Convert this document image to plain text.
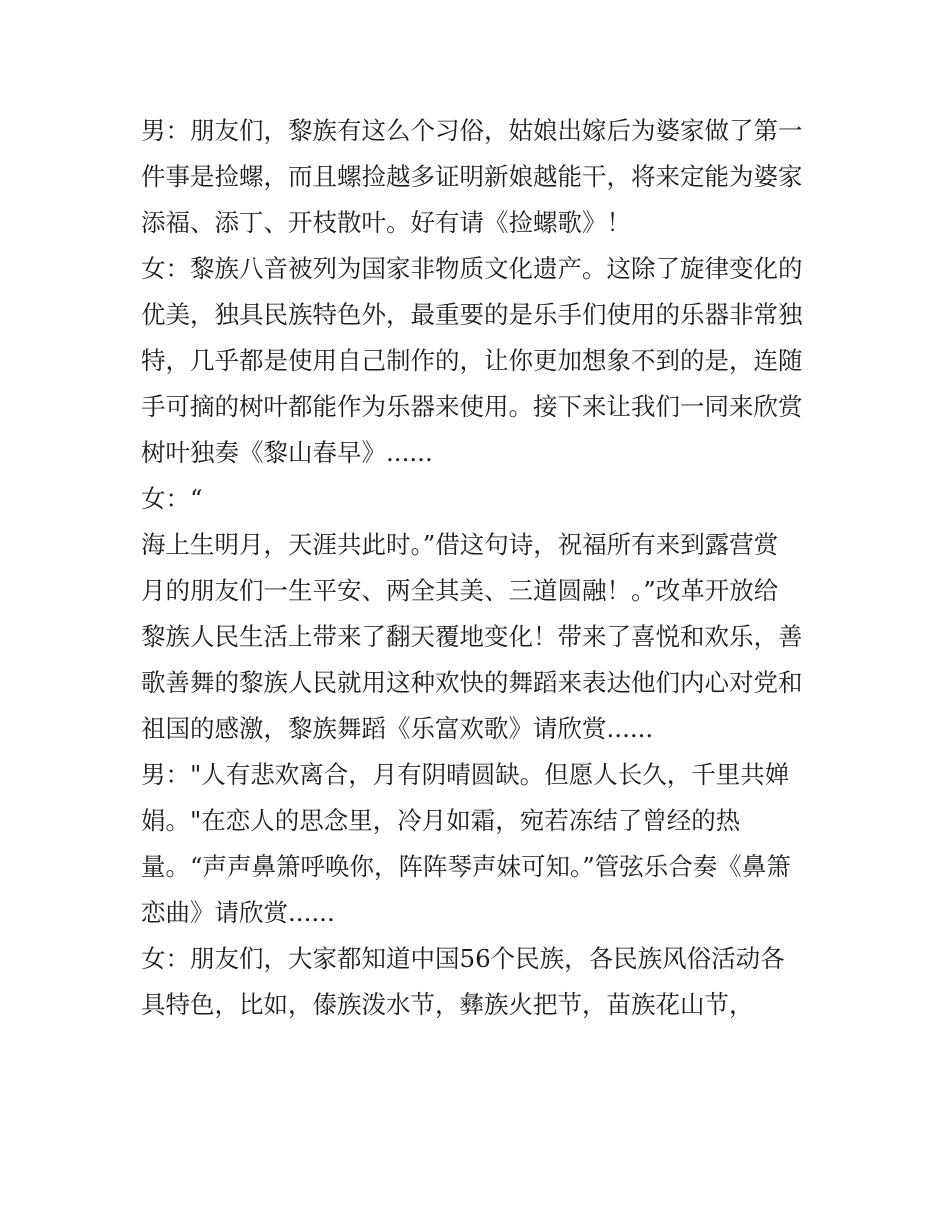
男：朋友们，黎族有这么个习俗，姑娘出嫁后为婆家做了第一
件事是捡螺，而且螺捡越多证明新娘越能干，将来定能为婆家
添福、添丁、开枝散叶。好有请《捡螺歌》！
女：黎族八音被列为国家非物质文化遗产。这除了旋律变化的
优美，独具民族特色外，最重要的是乐手们使用的乐器非常独
特，几乎都是使用自己制作的，让你更加想象不到的是，连随
手可摘的树叶都能作为乐器来使用。接下来让我们一同来欣赏
树叶独奏《黎山春早》......
女：“
海上生明月，天涯共此时。”借这句诗，祝福所有来到露营赏
月的朋友们一生平安、两全其美、三道圆融！。”改革开放给
黎族人民生活上带来了翻天覆地变化！带来了喜悦和欢乐，善
歌善舞的黎族人民就用这种欢快的舞蹈来表达他们内心对党和
祖国的感激，黎族舞蹈《乐富欢歌》请欣赏......
男："人有悲欢离合，月有阴晴圆缺。但愿人长久，千里共婵
娟。"在恋人的思念里，冷月如霜，宛若冻结了曾经的热
量。“声声鼻箫呼唤你，阵阵琴声妹可知。”管弦乐合奏《鼻箫
恋曲》请欣赏......
女：朋友们，大家都知道中国56个民族，各民族风俗活动各
具特色，比如，傣族泼水节，彝族火把节，苗族花山节，
